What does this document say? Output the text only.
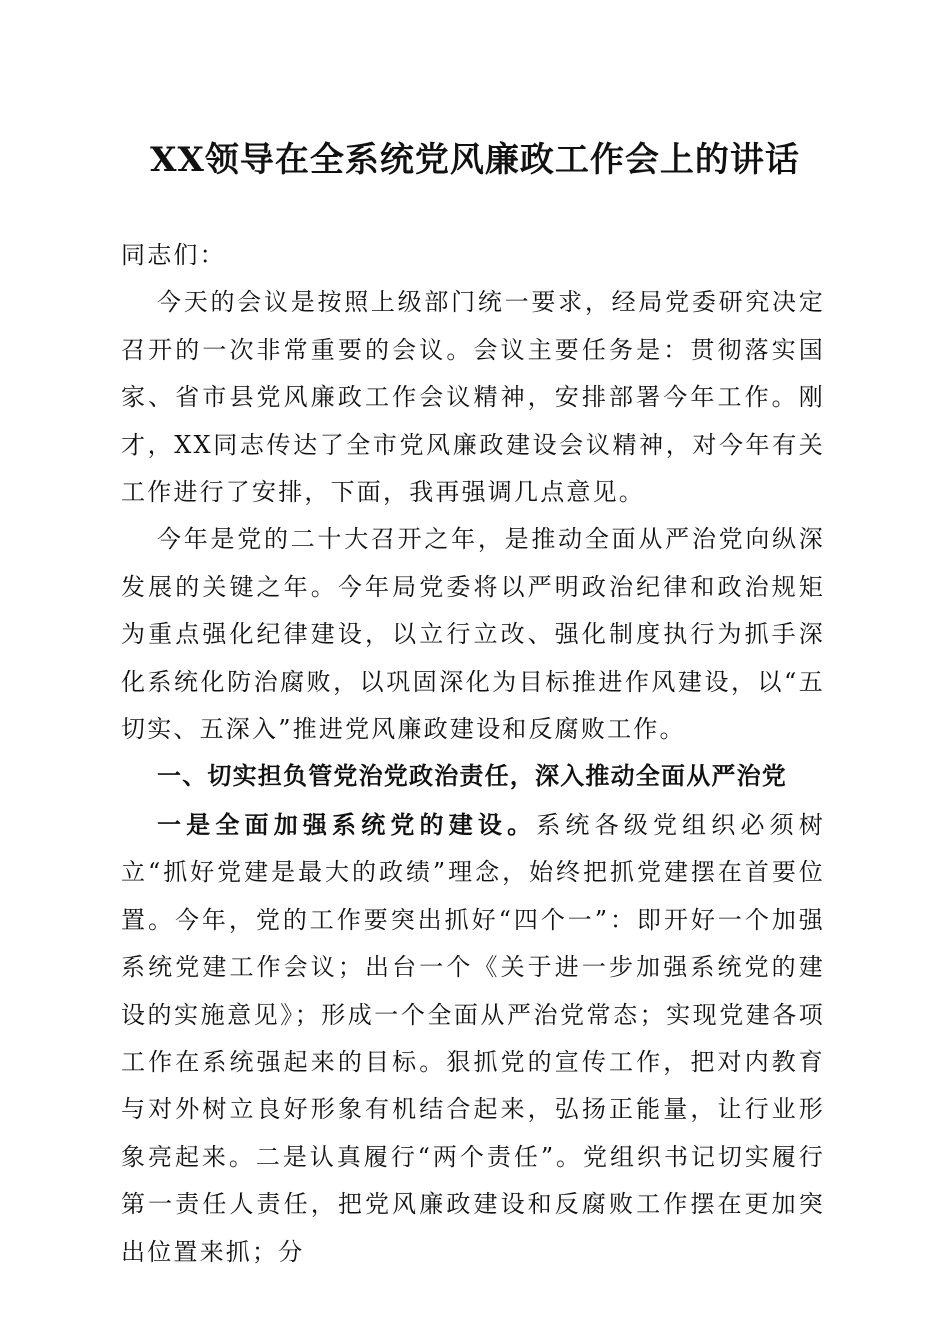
XX领导在全系统党风廉政工作会上的讲话

同志们：

今天的会议是按照上级部门统一要求，经局党委研究决定召开的一次非常重要的会议。会议主要任务是：贯彻落实国家、省市县党风廉政工作会议精神，安排部署今年工作。刚才，XX同志传达了全市党风廉政建设会议精神，对今年有关工作进行了安排，下面，我再强调几点意见。

今年是党的二十大召开之年，是推动全面从严治党向纵深发展的关键之年。今年局党委将以严明政治纪律和政治规矩为重点强化纪律建设，以立行立改、强化制度执行为抓手深化系统化防治腐败，以巩固深化为目标推进作风建设，以“五切实、五深入”推进党风廉政建设和反腐败工作。

一、切实担负管党治党政治责任，深入推动全面从严治党

一是全面加强系统党的建设。系统各级党组织必须树立“抓好党建是最大的政绩”理念，始终把抓党建摆在首要位置。今年，党的工作要突出抓好“四个一”：即开好一个加强系统党建工作会议；出台一个《关于进一步加强系统党的建设的实施意见》；形成一个全面从严治党常态；实现党建各项工作在系统强起来的目标。狠抓党的宣传工作，把对内教育与对外树立良好形象有机结合起来，弘扬正能量，让行业形象亮起来。二是认真履行“两个责任”。党组织书记切实履行第一责任人责任，把党风廉政建设和反腐败工作摆在更加突出位置来抓；分
